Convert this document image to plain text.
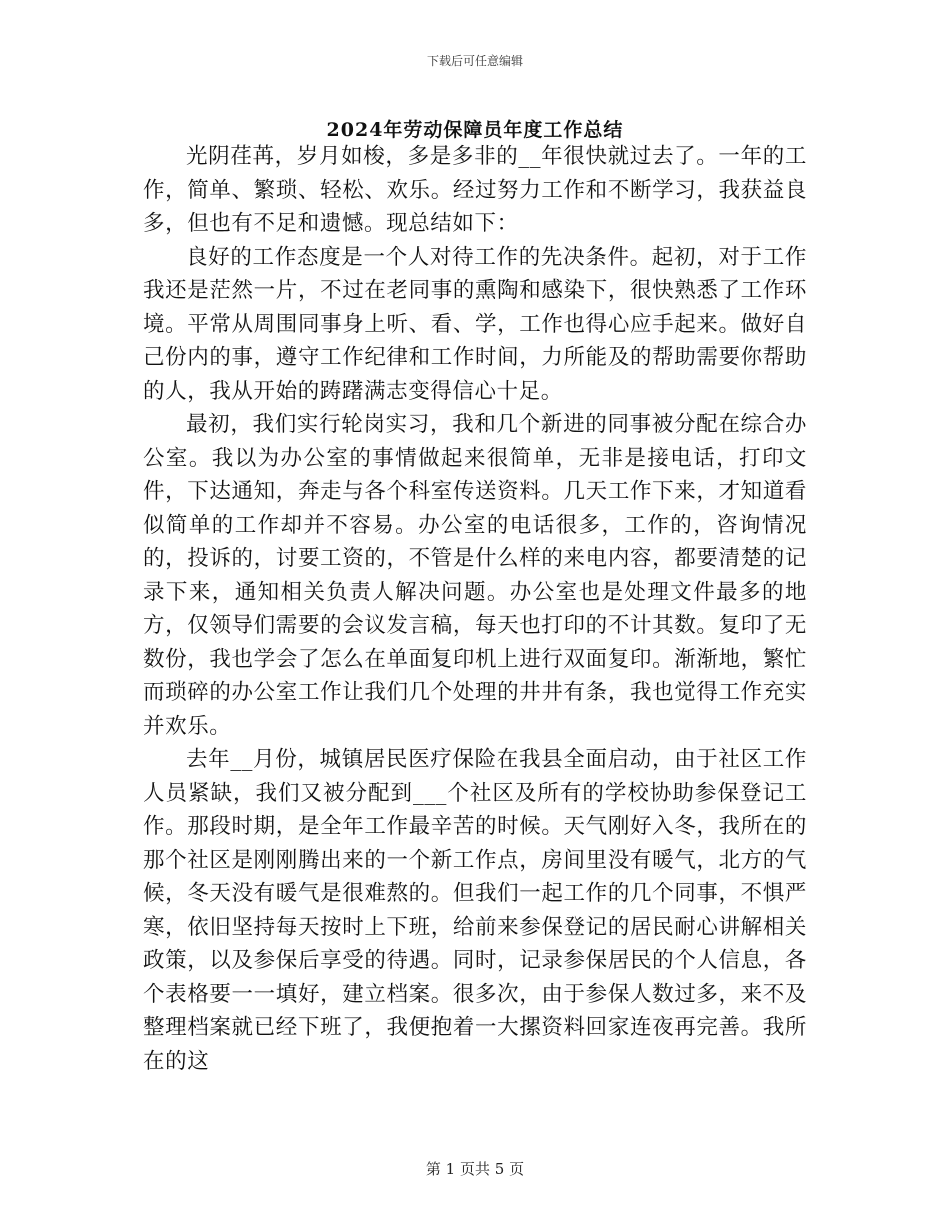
下载后可任意编辑
2024年劳动保障员年度工作总结

光阴荏苒，岁月如梭，多是多非的__年很快就过去了。一年的工作，简单、繁琐、轻松、欢乐。经过努力工作和不断学习，我获益良多，但也有不足和遗憾。现总结如下：

良好的工作态度是一个人对待工作的先决条件。起初，对于工作我还是茫然一片，不过在老同事的熏陶和感染下，很快熟悉了工作环境。平常从周围同事身上听、看、学，工作也得心应手起来。做好自己份内的事，遵守工作纪律和工作时间，力所能及的帮助需要你帮助的人，我从开始的踌躇满志变得信心十足。

最初，我们实行轮岗实习，我和几个新进的同事被分配在综合办公室。我以为办公室的事情做起来很简单，无非是接电话，打印文件，下达通知，奔走与各个科室传送资料。几天工作下来，才知道看似简单的工作却并不容易。办公室的电话很多，工作的，咨询情况的，投诉的，讨要工资的，不管是什么样的来电内容，都要清楚的记录下来，通知相关负责人解决问题。办公室也是处理文件最多的地方，仅领导们需要的会议发言稿，每天也打印的不计其数。复印了无数份，我也学会了怎么在单面复印机上进行双面复印。渐渐地，繁忙而琐碎的办公室工作让我们几个处理的井井有条，我也觉得工作充实并欢乐。

去年__月份，城镇居民医疗保险在我县全面启动，由于社区工作人员紧缺，我们又被分配到___个社区及所有的学校协助参保登记工作。那段时期，是全年工作最辛苦的时候。天气刚好入冬，我所在的那个社区是刚刚腾出来的一个新工作点，房间里没有暖气，北方的气候，冬天没有暖气是很难熬的。但我们一起工作的几个同事，不惧严寒，依旧坚持每天按时上下班，给前来参保登记的居民耐心讲解相关政策，以及参保后享受的待遇。同时，记录参保居民的个人信息，各个表格要一一填好，建立档案。很多次，由于参保人数过多，来不及整理档案就已经下班了，我便抱着一大摞资料回家连夜再完善。我所在的这

第 1 页共 5 页
